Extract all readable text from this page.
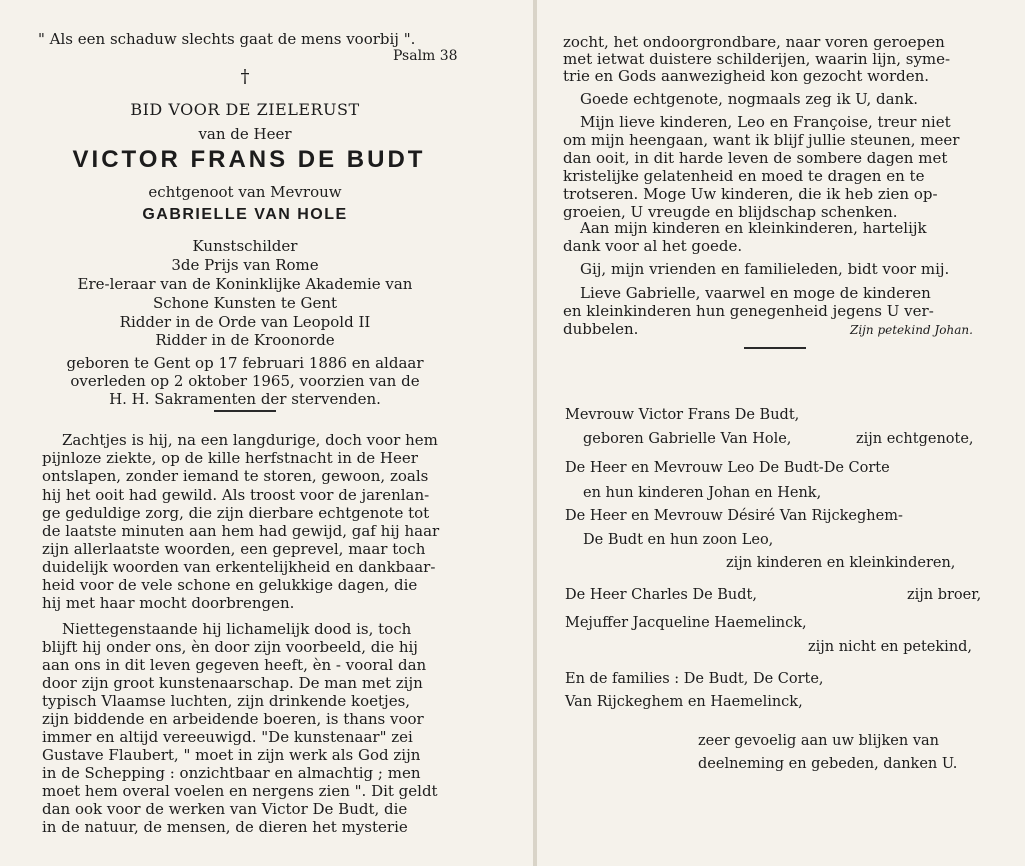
" Als een schaduw slechts gaat de mens voorbij ".
Psalm 38
†
BID VOOR DE ZIELERUST
van de Heer
VICTOR FRANS DE BUDT
echtgenoot van Mevrouw
GABRIELLE VAN HOLE
Kunstschilder
3de Prijs van Rome
Ere-leraar van de Koninklijke Akademie van
Schone Kunsten te Gent
Ridder in de Orde van Leopold II
Ridder in de Kroonorde
geboren te Gent op 17 februari 1886 en aldaar
overleden op 2 oktober 1965, voorzien van de
H. H. Sakramenten der stervenden.
Zachtjes is hij, na een langdurige, doch voor hem
pijnloze ziekte, op de kille herfstnacht in de Heer
ontslapen, zonder iemand te storen, gewoon, zoals
hij het ooit had gewild. Als troost voor de jarenlan-
ge geduldige zorg, die zijn dierbare echtgenote tot
de laatste minuten aan hem had gewijd, gaf hij haar
zijn allerlaatste woorden, een geprevel, maar toch
duidelijk woorden van erkentelijkheid en dankbaar-
heid voor de vele schone en gelukkige dagen, die
hij met haar mocht doorbrengen.
Niettegenstaande hij lichamelijk dood is, toch
blijft hij onder ons, èn door zijn voorbeeld, die hij
aan ons in dit leven gegeven heeft, èn - vooral dan
door zijn groot kunstenaarschap. De man met zijn
typisch Vlaamse luchten, zijn drinkende koetjes,
zijn biddende en arbeidende boeren, is thans voor
immer en altijd vereeuwigd. "De kunstenaar" zei
Gustave Flaubert, " moet in zijn werk als God zijn
in de Schepping : onzichtbaar en almachtig ; men
moet hem overal voelen en nergens zien ". Dit geldt
dan ook voor de werken van Victor De Budt, die
in de natuur, de mensen, de dieren het mysterie
zocht, het ondoorgrondbare, naar voren geroepen
met ietwat duistere schilderijen, waarin lijn, syme-
trie en Gods aanwezigheid kon gezocht worden.
Goede echtgenote, nogmaals zeg ik U, dank.
Mijn lieve kinderen, Leo en Françoise, treur niet
om mijn heengaan, want ik blijf jullie steunen, meer
dan ooit, in dit harde leven de sombere dagen met
kristelijke gelatenheid en moed te dragen en te
trotseren. Moge Uw kinderen, die ik heb zien op-
groeien, U vreugde en blijdschap schenken.
Aan mijn kinderen en kleinkinderen, hartelijk
dank voor al het goede.
Gij, mijn vrienden en familieleden, bidt voor mij.
Lieve Gabrielle, vaarwel en moge de kinderen
en kleinkinderen hun genegenheid jegens U ver-
dubbelen.	Zijn petekind Johan.
Mevrouw Victor Frans De Budt,
geboren Gabrielle Van Hole,	zijn echtgenote,
De Heer en Mevrouw Leo De Budt-De Corte
en hun kinderen Johan en Henk,
De Heer en Mevrouw Désiré Van Rijckeghem-
De Budt en hun zoon Leo,
zijn kinderen en kleinkinderen,
De Heer Charles De Budt,	zijn broer,
Mejuffer Jacqueline Haemelinck,
zijn nicht en petekind,
En de families : De Budt, De Corte,
Van Rijckeghem en Haemelinck,
zeer gevoelig aan uw blijken van
deelneming en gebeden, danken U.
